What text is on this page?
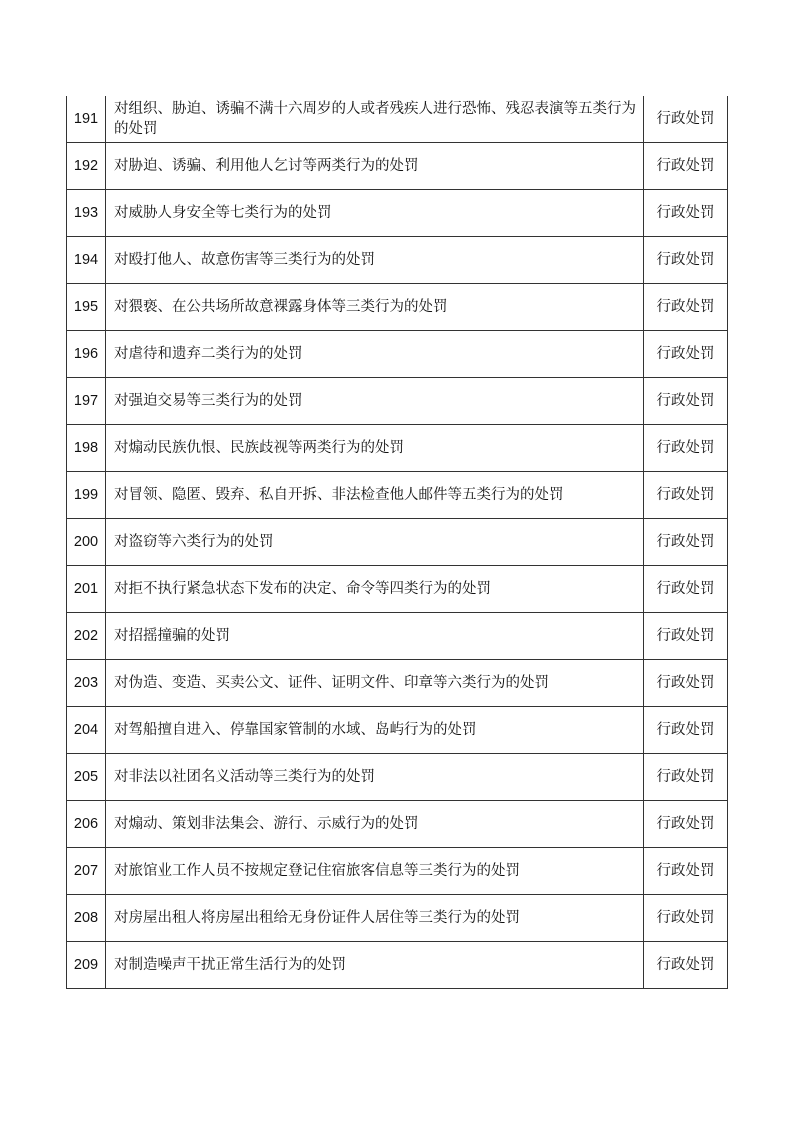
191	对组织、胁迫、诱骗不满十六周岁的人或者残疾人进行恐怖、残忍表演等五类行为的处罚	行政处罚
192	对胁迫、诱骗、利用他人乞讨等两类行为的处罚	行政处罚
193	对威胁人身安全等七类行为的处罚	行政处罚
194	对殴打他人、故意伤害等三类行为的处罚	行政处罚
195	对猥亵、在公共场所故意裸露身体等三类行为的处罚	行政处罚
196	对虐待和遗弃二类行为的处罚	行政处罚
197	对强迫交易等三类行为的处罚	行政处罚
198	对煽动民族仇恨、民族歧视等两类行为的处罚	行政处罚
199	对冒领、隐匿、毁弃、私自开拆、非法检查他人邮件等五类行为的处罚	行政处罚
200	对盗窃等六类行为的处罚	行政处罚
201	对拒不执行紧急状态下发布的决定、命令等四类行为的处罚	行政处罚
202	对招摇撞骗的处罚	行政处罚
203	对伪造、变造、买卖公文、证件、证明文件、印章等六类行为的处罚	行政处罚
204	对驾船擅自进入、停靠国家管制的水域、岛屿行为的处罚	行政处罚
205	对非法以社团名义活动等三类行为的处罚	行政处罚
206	对煽动、策划非法集会、游行、示威行为的处罚	行政处罚
207	对旅馆业工作人员不按规定登记住宿旅客信息等三类行为的处罚	行政处罚
208	对房屋出租人将房屋出租给无身份证件人居住等三类行为的处罚	行政处罚
209	对制造噪声干扰正常生活行为的处罚	行政处罚
